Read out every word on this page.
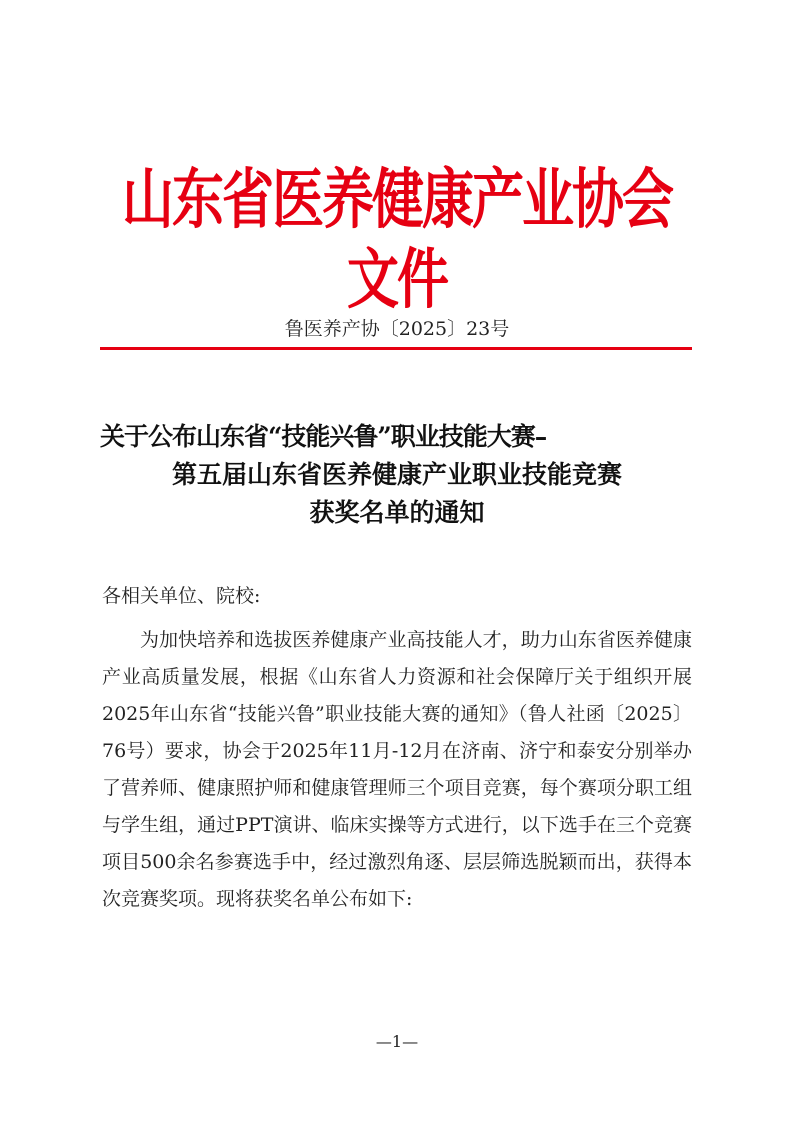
山东省医养健康产业协会文件
鲁医养产协〔2025〕23号
关于公布山东省“技能兴鲁”职业技能大赛–
第五届山东省医养健康产业职业技能竞赛
获奖名单的通知
各相关单位、院校:
为加快培养和选拔医养健康产业高技能人才，助力山东省医养健康产业高质量发展，根据《山东省人力资源和社会保障厅关于组织开展2025年山东省“技能兴鲁”职业技能大赛的通知》（鲁人社函〔2025〕76号）要求，协会于2025年11月-12月在济南、济宁和泰安分别举办了营养师、健康照护师和健康管理师三个项目竞赛，每个赛项分职工组与学生组，通过PPT演讲、临床实操等方式进行，以下选手在三个竞赛项目500余名参赛选手中，经过激烈角逐、层层筛选脱颖而出，获得本次竞赛奖项。现将获奖名单公布如下:
—1—
